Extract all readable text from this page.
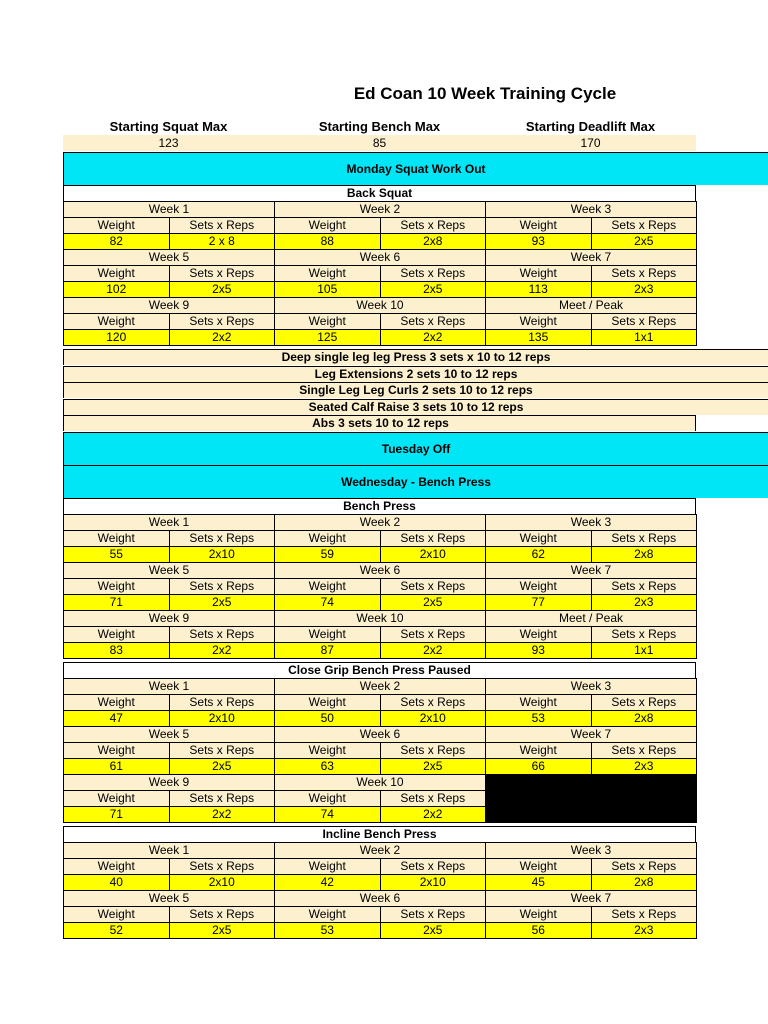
Ed Coan 10 Week Training Cycle
Starting Squat Max	Starting Bench Max	Starting Deadlift Max
123	85	170
Monday Squat Work Out
Back Squat
Week 1		Week 2		Week 3	
Weight	Sets x Reps	Weight	Sets x Reps	Weight	Sets x Reps
82	2 x 8	88	2x8	93	2x5
Week 5		Week 6		Week 7	
Weight	Sets x Reps	Weight	Sets x Reps	Weight	Sets x Reps
102	2x5	105	2x5	113	2x3
Week 9		Week 10		Meet / Peak	
Weight	Sets x Reps	Weight	Sets x Reps	Weight	Sets x Reps
120	2x2	125	2x2	135	1x1
Deep single leg leg Press 3 sets x 10 to 12 reps
Leg Extensions 2 sets 10 to 12 reps
Single Leg Leg Curls 2 sets 10 to 12 reps
Seated Calf Raise 3 sets 10 to 12 reps
Abs 3 sets 10 to 12 reps
Tuesday Off
Wednesday - Bench Press
Bench Press
Week 1		Week 2		Week 3	
Weight	Sets x Reps	Weight	Sets x Reps	Weight	Sets x Reps
55	2x10	59	2x10	62	2x8
Week 5		Week 6		Week 7	
Weight	Sets x Reps	Weight	Sets x Reps	Weight	Sets x Reps
71	2x5	74	2x5	77	2x3
Week 9		Week 10		Meet / Peak	
Weight	Sets x Reps	Weight	Sets x Reps	Weight	Sets x Reps
83	2x2	87	2x2	93	1x1
Close Grip Bench Press Paused
Week 1		Week 2		Week 3	
Weight	Sets x Reps	Weight	Sets x Reps	Weight	Sets x Reps
47	2x10	50	2x10	53	2x8
Week 5		Week 6		Week 7	
Weight	Sets x Reps	Weight	Sets x Reps	Weight	Sets x Reps
61	2x5	63	2x5	66	2x3
Week 9		Week 10			
Weight	Sets x Reps	Weight	Sets x Reps		
71	2x2	74	2x2		
Incline Bench Press
Week 1		Week 2		Week 3	
Weight	Sets x Reps	Weight	Sets x Reps	Weight	Sets x Reps
40	2x10	42	2x10	45	2x8
Week 5		Week 6		Week 7	
Weight	Sets x Reps	Weight	Sets x Reps	Weight	Sets x Reps
52	2x5	53	2x5	56	2x3
